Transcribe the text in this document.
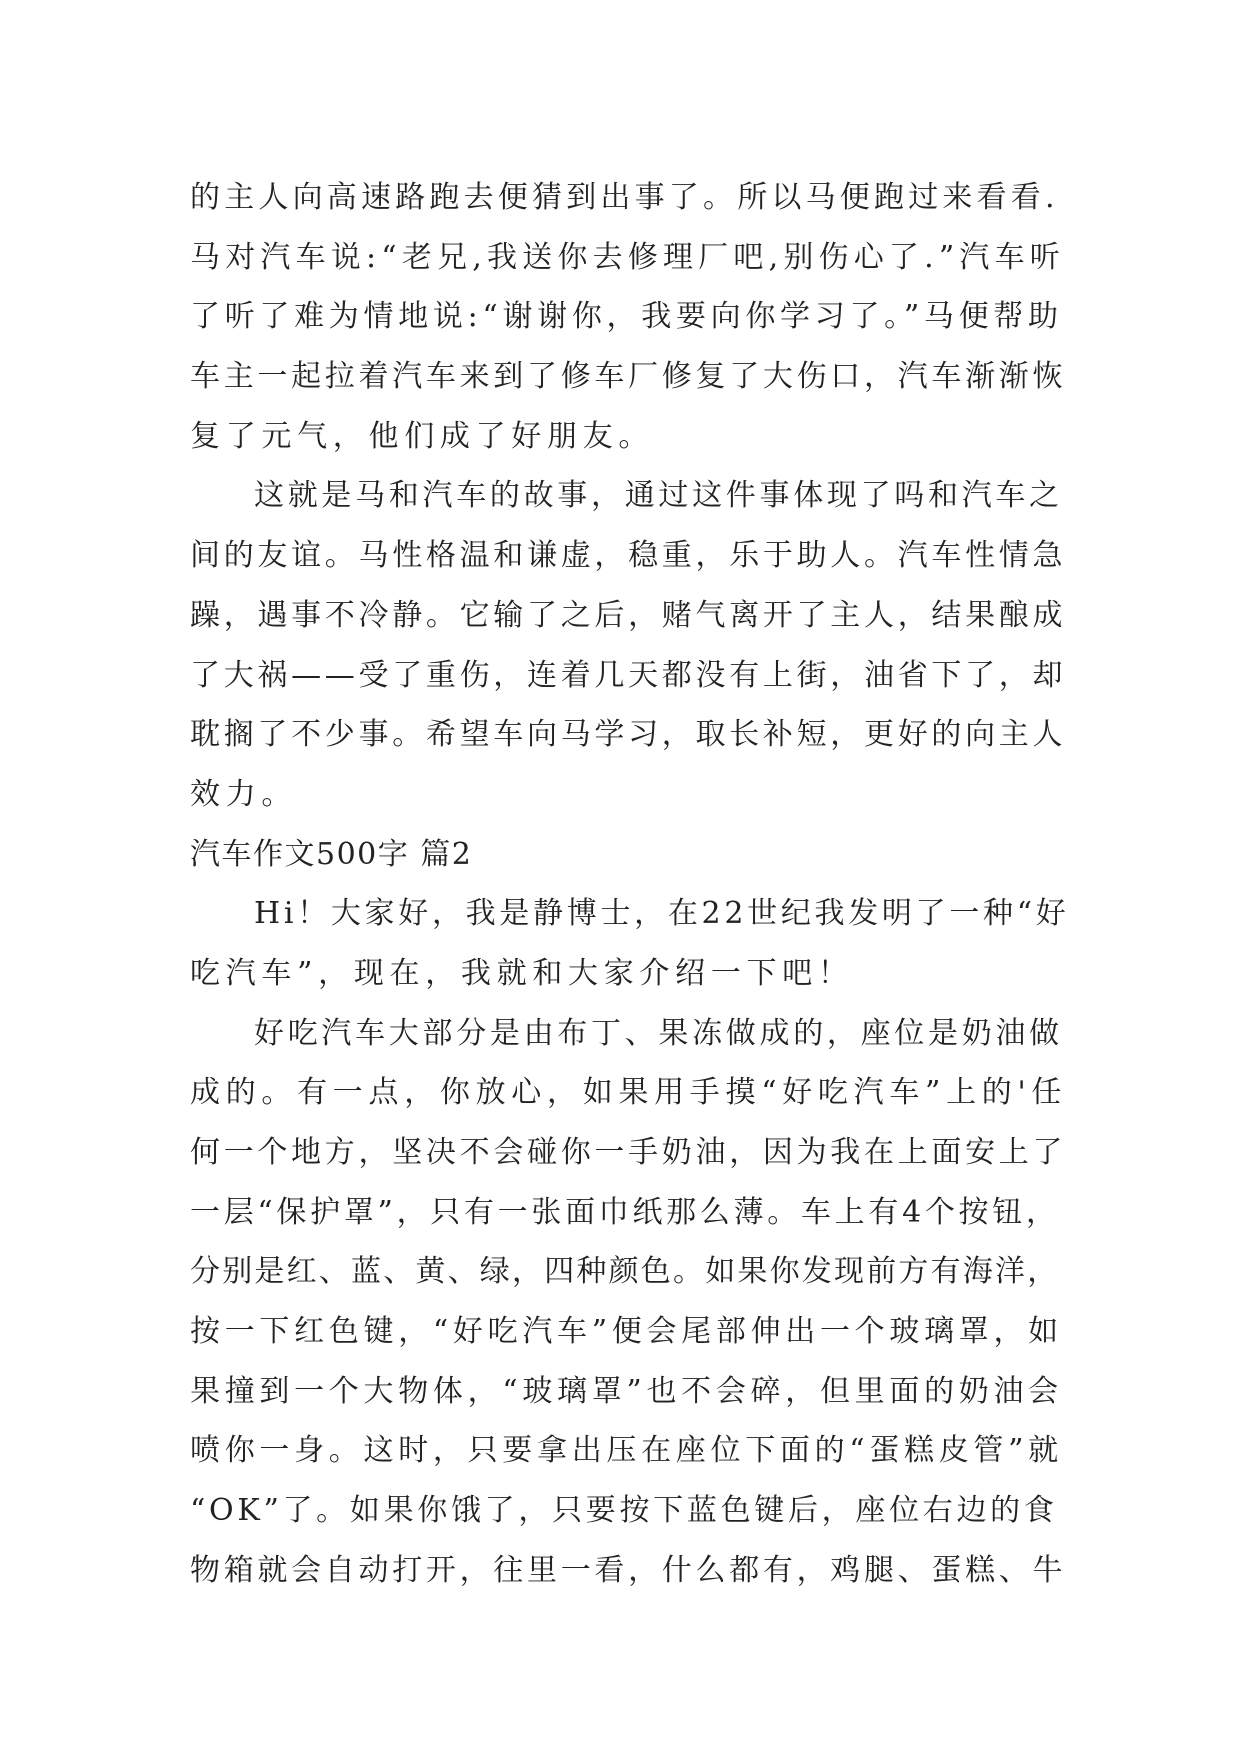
的主人向高速路跑去便猜到出事了。所以马便跑过来看看.
马对汽车说:“老兄,我送你去修理厂吧,别伤心了.”汽车听
了听了难为情地说:“谢谢你，我要向你学习了。”马便帮助
车主一起拉着汽车来到了修车厂修复了大伤口，汽车渐渐恢
复了元气，他们成了好朋友。
这就是马和汽车的故事，通过这件事体现了吗和汽车之
间的友谊。马性格温和谦虚，稳重，乐于助人。汽车性情急
躁，遇事不冷静。它输了之后，赌气离开了主人，结果酿成
了大祸——受了重伤，连着几天都没有上街，油省下了，却
耽搁了不少事。希望车向马学习，取长补短，更好的向主人
效力。
汽车作文500字 篇2
Hi！大家好，我是静博士，在22世纪我发明了一种“好
吃汽车”，现在，我就和大家介绍一下吧！
好吃汽车大部分是由布丁、果冻做成的，座位是奶油做
成的。有一点，你放心，如果用手摸“好吃汽车”上的'任
何一个地方，坚决不会碰你一手奶油，因为我在上面安上了
一层“保护罩”，只有一张面巾纸那么薄。车上有4个按钮，
分别是红、蓝、黄、绿，四种颜色。如果你发现前方有海洋，
按一下红色键，“好吃汽车”便会尾部伸出一个玻璃罩，如
果撞到一个大物体，“玻璃罩”也不会碎，但里面的奶油会
喷你一身。这时，只要拿出压在座位下面的“蛋糕皮管”就
“OK”了。如果你饿了，只要按下蓝色键后，座位右边的食
物箱就会自动打开，往里一看，什么都有，鸡腿、蛋糕、牛
